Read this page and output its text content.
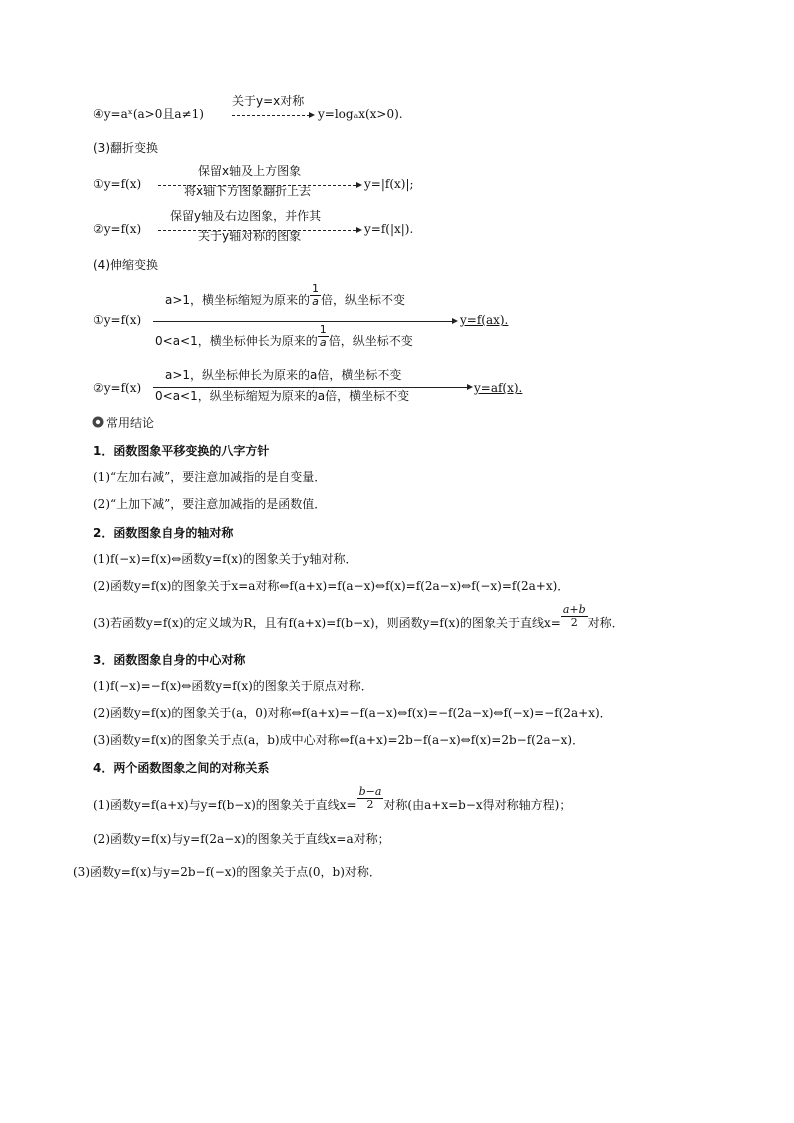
④y=aˣ(a>0且a≠1)
关于y=x对称
y=logₐx(x>0).
(3)翻折变换
①y=f(x)
保留x轴及上方图象
将x轴下方图象翻折上去	y=|f(x)|;
②y=f(x)
保留y轴及右边图象，并作其
关于y轴对称的图象	y=f(|x|).
(4)伸缩变换
①y=f(x)
a>1，横坐标缩短为原来的 $\frac{1}{a}$ 倍，纵坐标不变
0<a<1，横坐标伸长为原来的 $\frac{1}{a}$ 倍，纵坐标不变
y=f(ax).
②y=f(x)
a>1，纵坐标伸长为原来的a倍，横坐标不变
0<a<1，纵坐标缩短为原来的a倍，横坐标不变
y=af(x).
常用结论
1．函数图象平移变换的八字方针
(1)“左加右减”，要注意加减指的是自变量．
(2)“上加下减”，要注意加减指的是函数值．
2．函数图象自身的轴对称
(1)f(−x)=f(x)⇔函数y=f(x)的图象关于y轴对称．
(2)函数y=f(x)的图象关于x=a对称⇔f(a+x)=f(a−x)⇔f(x)=f(2a−x)⇔f(−x)=f(2a+x)．
(3)若函数y=f(x)的定义域为R，且有f(a+x)=f(b−x)，则函数y=f(x)的图象关于直线$x= \frac{a+b}{2}$ 对称．
3．函数图象自身的中心对称
(1)f(−x)=−f(x)⇔函数y=f(x)的图象关于原点对称．
(2)函数y=f(x)的图象关于(a，0)对称⇔f(a+x)=−f(a−x)⇔f(x)=−f(2a−x)⇔f(−x)=−f(2a+x)．
(3)函数y=f(x)的图象关于点(a，b)成中心对称⇔f(a+x)=2b−f(a−x)⇔f(x)=2b−f(2a−x)．
4．两个函数图象之间的对称关系
(1)函数y=f(a+x)与y=f(b−x)的图象关于直线$x= \frac{b-a}{2}$ 对称(由a+x=b−x得对称轴方程)；
(2)函数y=f(x)与y=f(2a−x)的图象关于直线x=a对称；
(3)函数y=f(x)与y=2b−f(−x)的图象关于点(0，b)对称．
